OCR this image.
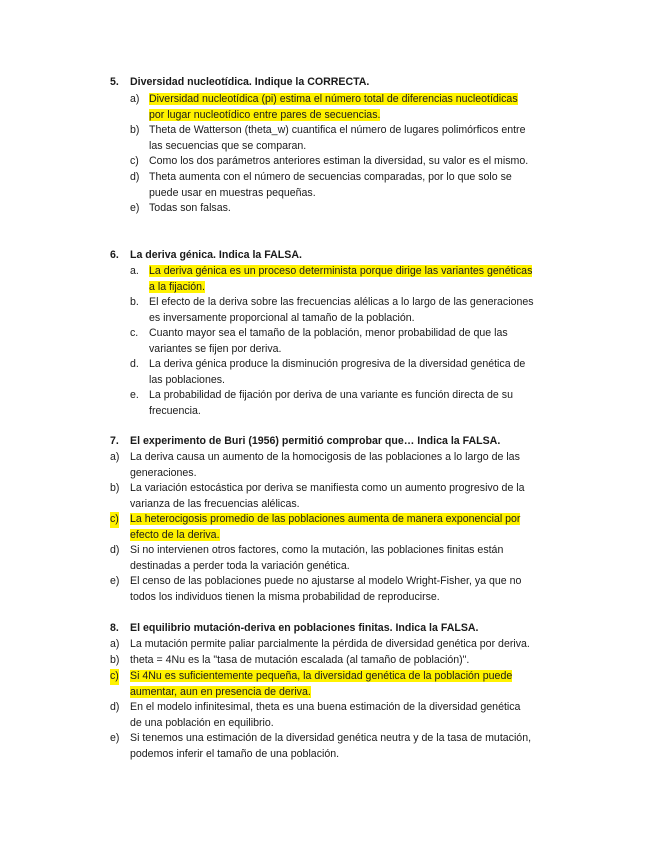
5. Diversidad nucleotídica. Indique la CORRECTA.
a) Diversidad nucleotídica (pi) estima el número total de diferencias nucleotídicas
por lugar nucleotídico entre pares de secuencias.
b) Theta de Watterson (theta_w) cuantifica el número de lugares polimórficos entre
las secuencias que se comparan.
c) Como los dos parámetros anteriores estiman la diversidad, su valor es el mismo.
d) Theta aumenta con el número de secuencias comparadas, por lo que solo se
puede usar en muestras pequeñas.
e) Todas son falsas.
6. La deriva génica. Indica la FALSA.
a. La deriva génica es un proceso determinista porque dirige las variantes genéticas
a la fijación.
b. El efecto de la deriva sobre las frecuencias alélicas a lo largo de las generaciones
es inversamente proporcional al tamaño de la población.
c. Cuanto mayor sea el tamaño de la población, menor probabilidad de que las
variantes se fijen por deriva.
d. La deriva génica produce la disminución progresiva de la diversidad genética de
las poblaciones.
e. La probabilidad de fijación por deriva de una variante es función directa de su
frecuencia.
7. El experimento de Buri (1956) permitió comprobar que… Indica la FALSA.
a) La deriva causa un aumento de la homocigosis de las poblaciones a lo largo de las
generaciones.
b) La variación estocástica por deriva se manifiesta como un aumento progresivo de la
varianza de las frecuencias alélicas.
c) La heterocigosis promedio de las poblaciones aumenta de manera exponencial por
efecto de la deriva.
d) Si no intervienen otros factores, como la mutación, las poblaciones finitas están
destinadas a perder toda la variación genética.
e) El censo de las poblaciones puede no ajustarse al modelo Wright-Fisher, ya que no
todos los individuos tienen la misma probabilidad de reproducirse.
8. El equilibrio mutación-deriva en poblaciones finitas. Indica la FALSA.
a) La mutación permite paliar parcialmente la pérdida de diversidad genética por deriva.
b) theta = 4Nu es la "tasa de mutación escalada (al tamaño de población)".
c) Si 4Nu es suficientemente pequeña, la diversidad genética de la población puede
aumentar, aun en presencia de deriva.
d) En el modelo infinitesimal, theta es una buena estimación de la diversidad genética
de una población en equilibrio.
e) Si tenemos una estimación de la diversidad genética neutra y de la tasa de mutación,
podemos inferir el tamaño de una población.
